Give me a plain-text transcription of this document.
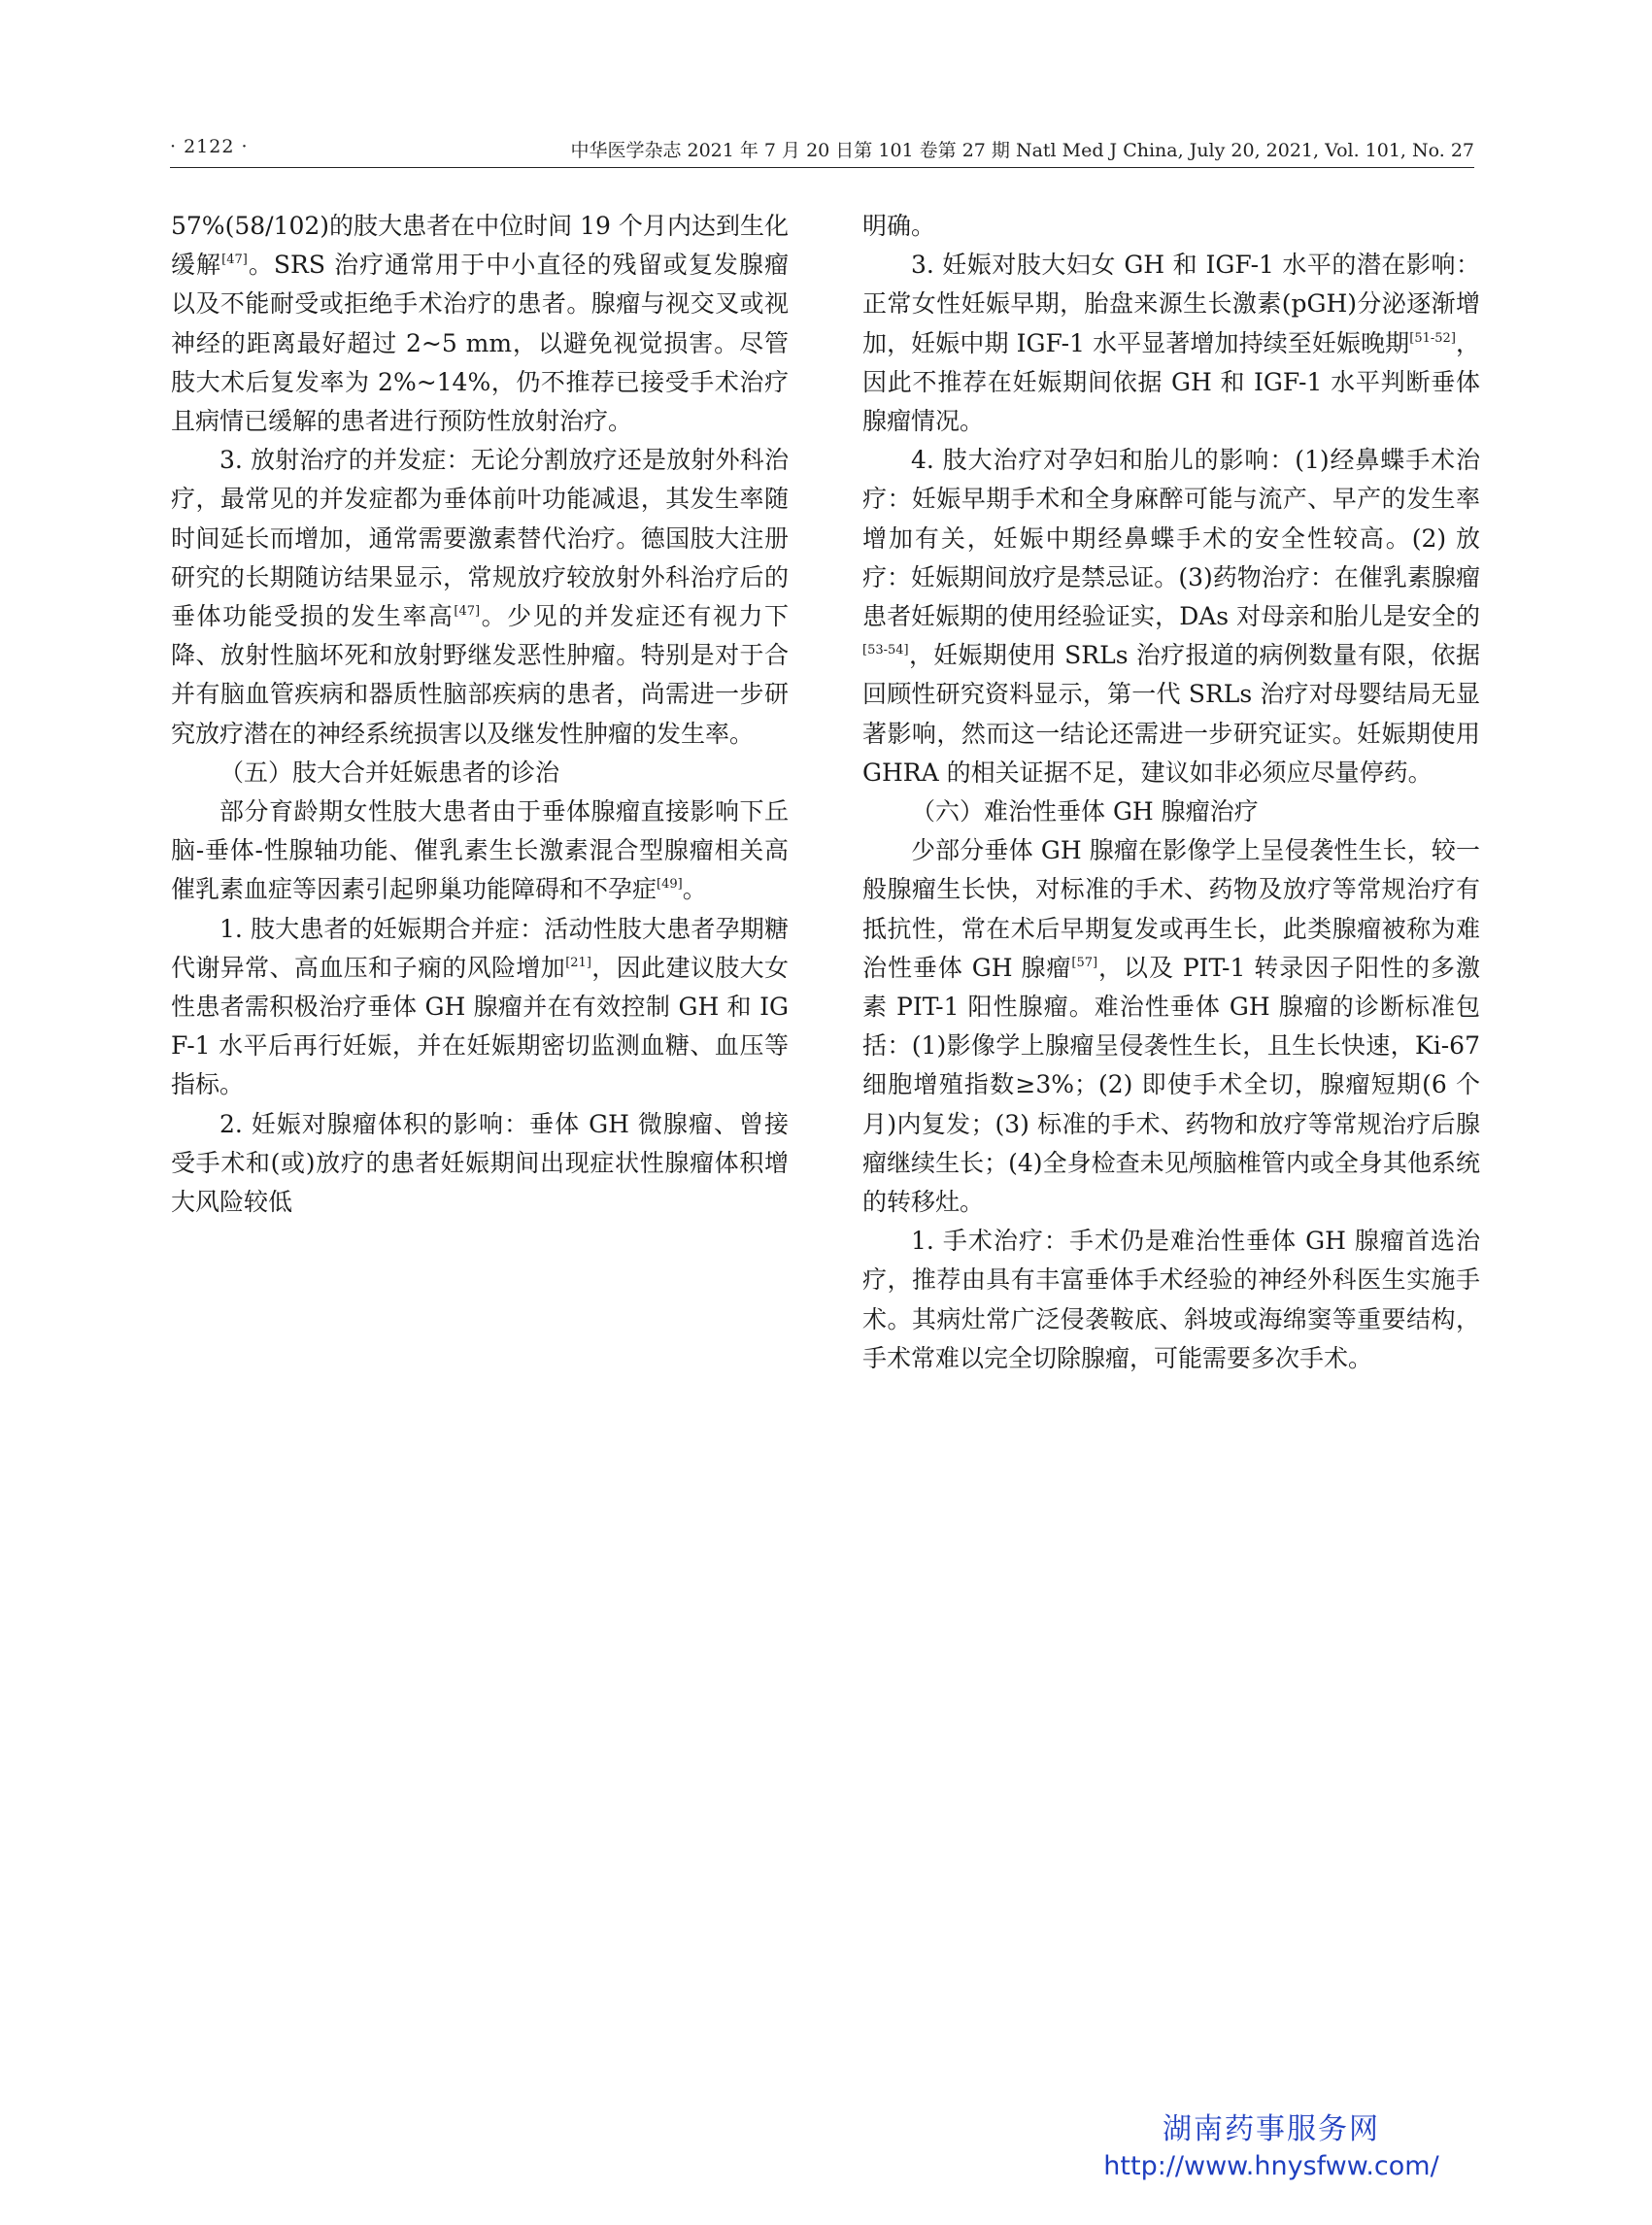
· 2122 ·	中华医学杂志 2021 年 7 月 20 日第 101 卷第 27 期 Natl Med J China, July 20, 2021, Vol. 101, No. 27

57%(58/102)的肢大患者在中位时间 19 个月内达到生化缓解[47]。SRS 治疗通常用于中小直径的残留或复发腺瘤以及不能耐受或拒绝手术治疗的患者。腺瘤与视交叉或视神经的距离最好超过 2~5 mm，以避免视觉损害。尽管肢大术后复发率为 2%~14%，仍不推荐已接受手术治疗且病情已缓解的患者进行预防性放射治疗。

3. 放射治疗的并发症：无论分割放疗还是放射外科治疗，最常见的并发症都为垂体前叶功能减退，其发生率随时间延长而增加，通常需要激素替代治疗。德国肢大注册研究的长期随访结果显示，常规放疗较放射外科治疗后的垂体功能受损的发生率高[47]。少见的并发症还有视力下降、放射性脑坏死和放射野继发恶性肿瘤。特别是对于合并有脑血管疾病和器质性脑部疾病的患者，尚需进一步研究放疗潜在的神经系统损害以及继发性肿瘤的发生率。

（五）肢大合并妊娠患者的诊治

部分育龄期女性肢大患者由于垂体腺瘤直接影响下丘脑-垂体-性腺轴功能、催乳素生长激素混合型腺瘤相关高催乳素血症等因素引起卵巢功能障碍和不孕症[49]。

1. 肢大患者的妊娠期合并症：活动性肢大患者孕期糖代谢异常、高血压和子痫的风险增加[21]，因此建议肢大女性患者需积极治疗垂体 GH 腺瘤并在有效控制 GH 和 IGF-1 水平后再行妊娠，并在妊娠期密切监测血糖、血压等指标。

2. 妊娠对腺瘤体积的影响：垂体 GH 微腺瘤、曾接受手术和(或)放疗的患者妊娠期间出现症状性腺瘤体积增大风险较低

明确。

3. 妊娠对肢大妇女 GH 和 IGF-1 水平的潜在影响：正常女性妊娠早期，胎盘来源生长激素(pGH)分泌逐渐增加，妊娠中期 IGF-1 水平显著增加持续至妊娠晚期[51-52]，因此不推荐在妊娠期间依据 GH 和 IGF-1 水平判断垂体腺瘤情况。

4. 肢大治疗对孕妇和胎儿的影响：(1)经鼻蝶手术治疗：妊娠早期手术和全身麻醉可能与流产、早产的发生率增加有关，妊娠中期经鼻蝶手术的安全性较高。(2) 放疗：妊娠期间放疗是禁忌证。(3)药物治疗：在催乳素腺瘤患者妊娠期的使用经验证实，DAs 对母亲和胎儿是安全的[53-54]，妊娠期使用 SRLs 治疗报道的病例数量有限，依据回顾性研究资料显示，第一代 SRLs 治疗对母婴结局无显著影响，然而这一结论还需进一步研究证实。妊娠期使用 GHRA 的相关证据不足，建议如非必须应尽量停药。

（六）难治性垂体 GH 腺瘤治疗

少部分垂体 GH 腺瘤在影像学上呈侵袭性生长，较一般腺瘤生长快，对标准的手术、药物及放疗等常规治疗有抵抗性，常在术后早期复发或再生长，此类腺瘤被称为难治性垂体 GH 腺瘤[57]，以及 PIT-1 转录因子阳性的多激素 PIT-1 阳性腺瘤。难治性垂体 GH 腺瘤的诊断标准包括：(1)影像学上腺瘤呈侵袭性生长，且生长快速，Ki-67 细胞增殖指数≥3%；(2) 即使手术全切，腺瘤短期(6 个月)内复发；(3) 标准的手术、药物和放疗等常规治疗后腺瘤继续生长；(4)全身检查未见颅脑椎管内或全身其他系统的转移灶。

1. 手术治疗：手术仍是难治性垂体 GH 腺瘤首选治疗，推荐由具有丰富垂体手术经验的神经外科医生实施手术。其病灶常广泛侵袭鞍底、斜坡或海绵窦等重要结构，手术常难以完全切除腺瘤，可能需要多次手术。

湖南药事服务网
http://www.hnysfww.com/
